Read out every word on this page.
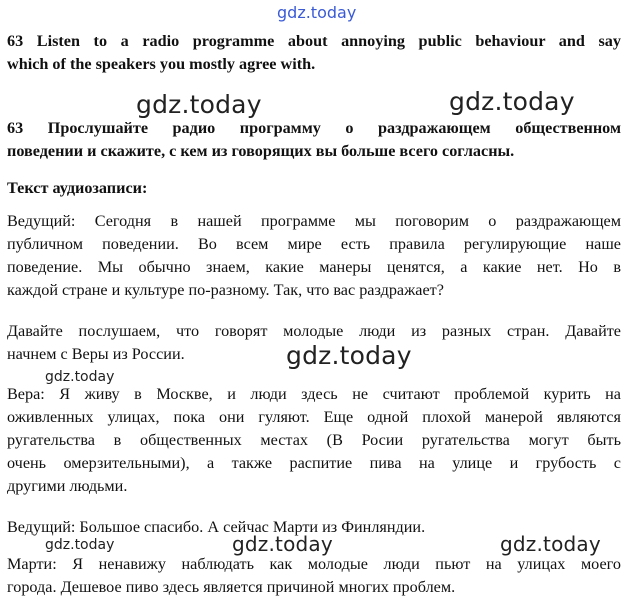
gdz.today
63 Listen to a radio programme about annoying public behaviour and say
which of the speakers you mostly agree with.
gdz.today	gdz.today
63 Прослушайте радио программу о раздражающем общественном
поведении и скажите, с кем из говорящих вы больше всего согласны.
Текст аудиозаписи:
Ведущий: Сегодня в нашей программе мы поговорим о раздражающем
публичном поведении. Во всем мире есть правила регулирующие наше
поведение. Мы обычно знаем, какие манеры ценятся, а какие нет. Но в
каждой стране и культуре по-разному. Так, что вас раздражает?
Давайте послушаем, что говорят молодые люди из разных стран. Давайте
начнем с Веры из России.	gdz.today
gdz.today
Вера: Я живу в Москве, и люди здесь не считают проблемой курить на
оживленных улицах, пока они гуляют. Еще одной плохой манерой являются
ругательства в общественных местах (В Росии ругательства могут быть
очень омерзительными), а также распитие пива на улице и грубость с
другими людьми.
Ведущий: Большое спасибо. А сейчас Марти из Финляндии.
gdz.today	gdz.today	gdz.today
Марти: Я ненавижу наблюдать как молодые люди пьют на улицах моего
города. Дешевое пиво здесь является причиной многих проблем.
